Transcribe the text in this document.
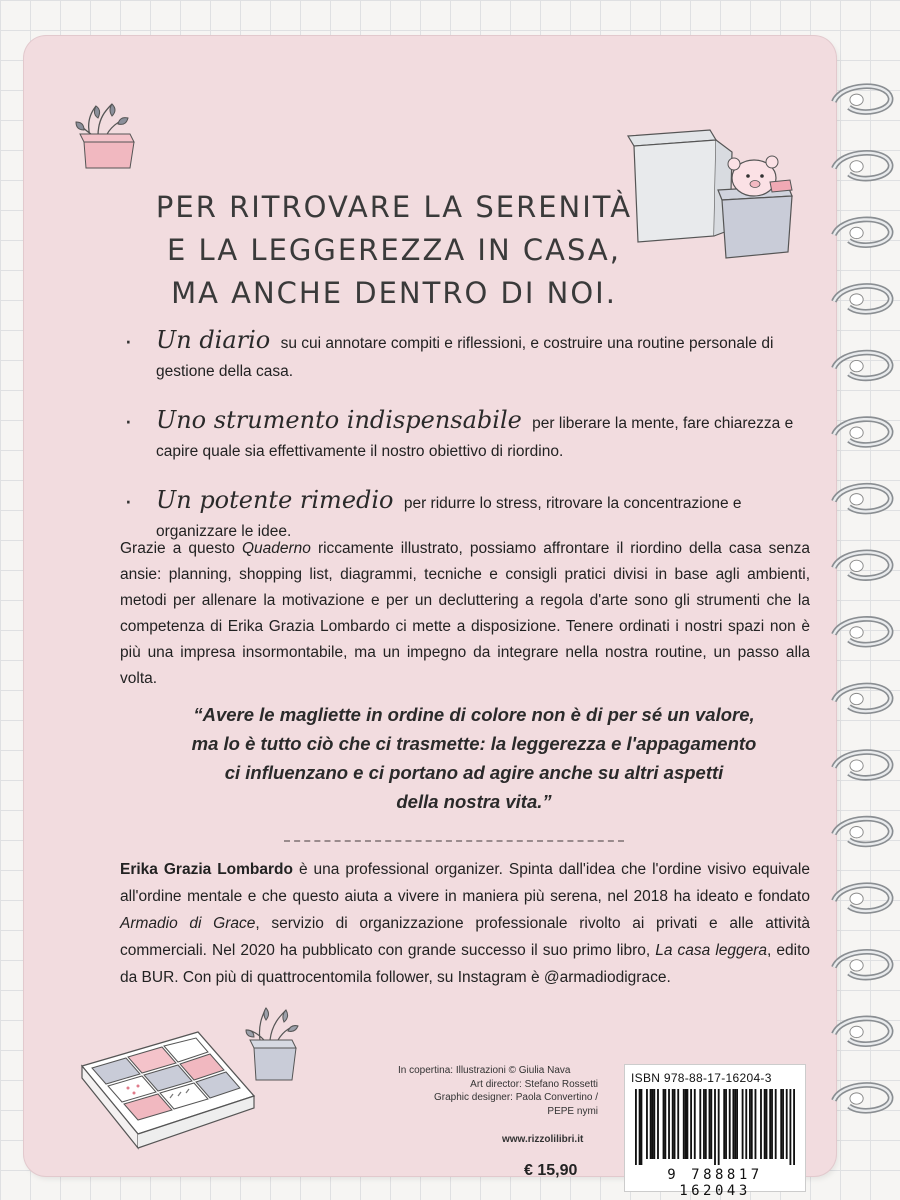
PER RITROVARE LA SERENITÀ
E LA LEGGEREZZA IN CASA,
MA ANCHE DENTRO DI NOI.
· Un diario su cui annotare compiti e riflessioni, e costruire una routine personale di gestione della casa.
· Uno strumento indispensabile per liberare la mente, fare chiarezza e capire quale sia effettivamente il nostro obiettivo di riordino.
· Un potente rimedio per ridurre lo stress, ritrovare la concentrazione e organizzare le idee.

Grazie a questo Quaderno riccamente illustrato, possiamo affrontare il riordino della casa senza ansie: planning, shopping list, diagrammi, tecniche e consigli pratici divisi in base agli ambienti, metodi per allenare la motivazione e per un decluttering a regola d'arte sono gli strumenti che la competenza di Erika Grazia Lombardo ci mette a disposizione. Tenere ordinati i nostri spazi non è più una impresa insormontabile, ma un impegno da integrare nella nostra routine, un passo alla volta.

“Avere le magliette in ordine di colore non è di per sé un valore,
ma lo è tutto ciò che ci trasmette: la leggerezza e l'appagamento
ci influenzano e ci portano ad agire anche su altri aspetti
della nostra vita.”

Erika Grazia Lombardo è una professional organizer. Spinta dall'idea che l'ordine visivo equivale all'ordine mentale e che questo aiuta a vivere in maniera più serena, nel 2018 ha ideato e fondato Armadio di Grace, servizio di organizzazione professionale rivolto ai privati e alle attività commerciali. Nel 2020 ha pubblicato con grande successo il suo primo libro, La casa leggera, edito da BUR. Con più di quattrocentomila follower, su Instagram è @armadiodigrace.

In copertina: Illustrazioni © Giulia Nava
Art director: Stefano Rossetti
Graphic designer: Paola Convertino /
PEPE nymi
www.rizzolilibri.it
€ 15,90
ISBN 978-88-17-16204-3
9 788817 162043
